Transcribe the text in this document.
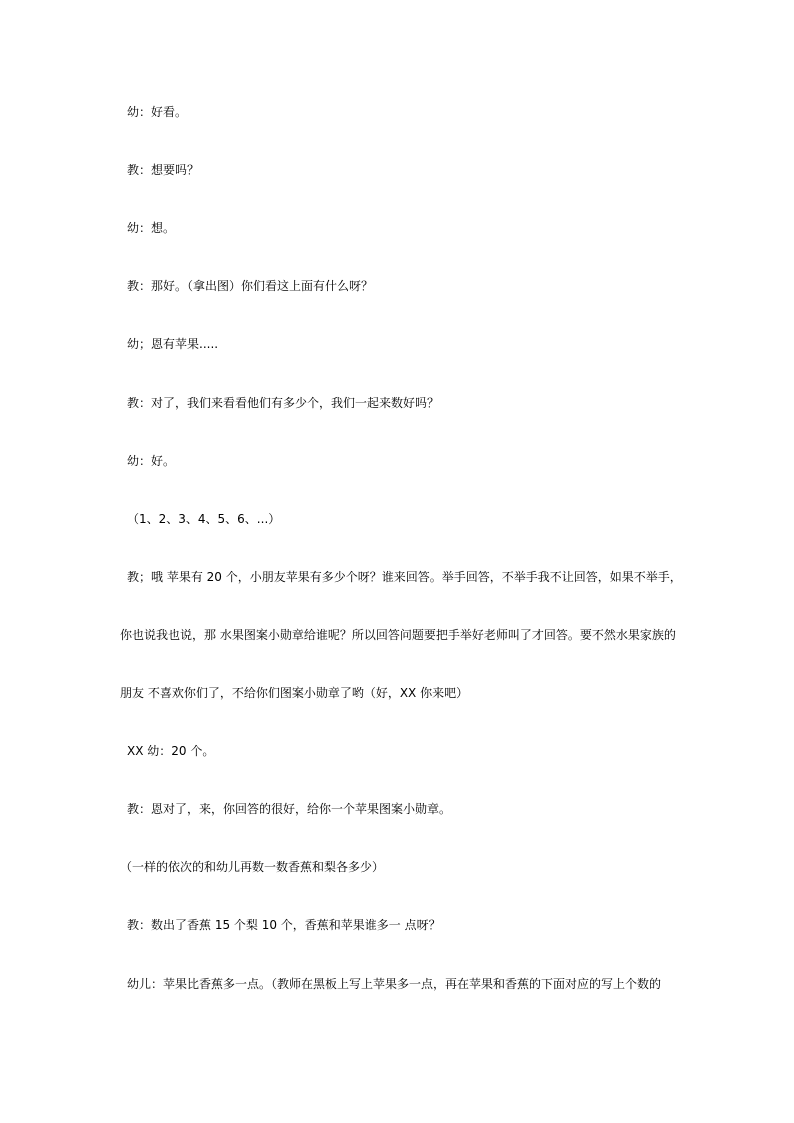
幼：好看。
教：想要吗？
幼：想。
教：那好。（拿出图）你们看这上面有什么呀？
幼；恩有苹果.....
教：对了，我们来看看他们有多少个，我们一起来数好吗？
幼：好。
（1、2、3、4、5、6、...）
教；哦 苹果有 20 个，小朋友苹果有多少个呀？谁来回答。举手回答，不举手我不让回答，如果不举手，
你也说我也说，那 水果图案小勋章给谁呢？所以回答问题要把手举好老师叫了才回答。要不然水果家族的
朋友 不喜欢你们了，不给你们图案小勋章了哟（好，XX 你来吧）
XX 幼：20 个。
教：恩对了，来，你回答的很好，给你一个苹果图案小勋章。
（一样的依次的和幼儿再数一数香蕉和梨各多少）
教：数出了香蕉 15 个梨 10 个，香蕉和苹果谁多一 点呀？
幼儿：苹果比香蕉多一点。（教师在黑板上写上苹果多一点，再在苹果和香蕉的下面对应的写上个数的
